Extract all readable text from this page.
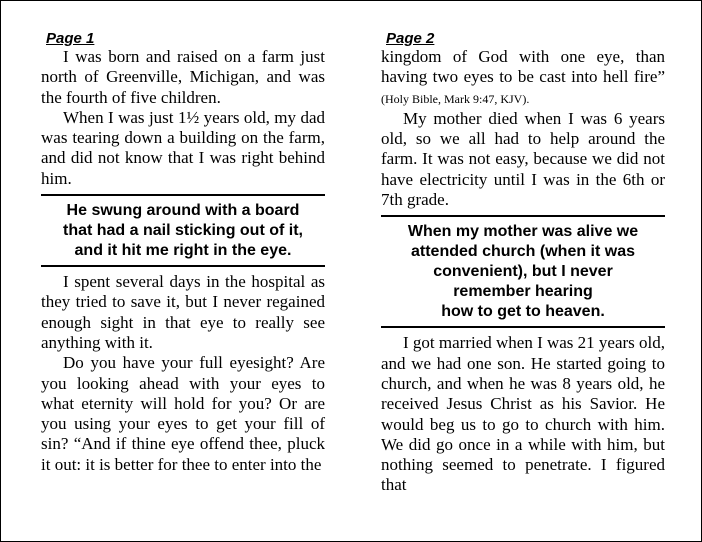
Page 1

I was born and raised on a farm just north of Greenville, Michigan, and was the fourth of five children.

When I was just 1½ years old, my dad was tearing down a building on the farm, and did not know that I was right behind him.

He swung around with a board
that had a nail sticking out of it,
and it hit me right in the eye.

I spent several days in the hospital as they tried to save it, but I never regained enough sight in that eye to really see anything with it.

Do you have your full eyesight? Are you looking ahead with your eyes to what eternity will hold for you? Or are you using your eyes to get your fill of sin? “And if thine eye offend thee, pluck it out: it is better for thee to enter into the

Page 2

kingdom of God with one eye, than having two eyes to be cast into hell fire” (Holy Bible, Mark 9:47, KJV).

My mother died when I was 6 years old, so we all had to help around the farm. It was not easy, because we did not have electricity until I was in the 6th or 7th grade.

When my mother was alive we
attended church (when it was
convenient), but I never
remember hearing
how to get to heaven.

I got married when I was 21 years old, and we had one son. He started going to church, and when he was 8 years old, he received Jesus Christ as his Savior. He would beg us to go to church with him. We did go once in a while with him, but nothing seemed to penetrate. I figured that
